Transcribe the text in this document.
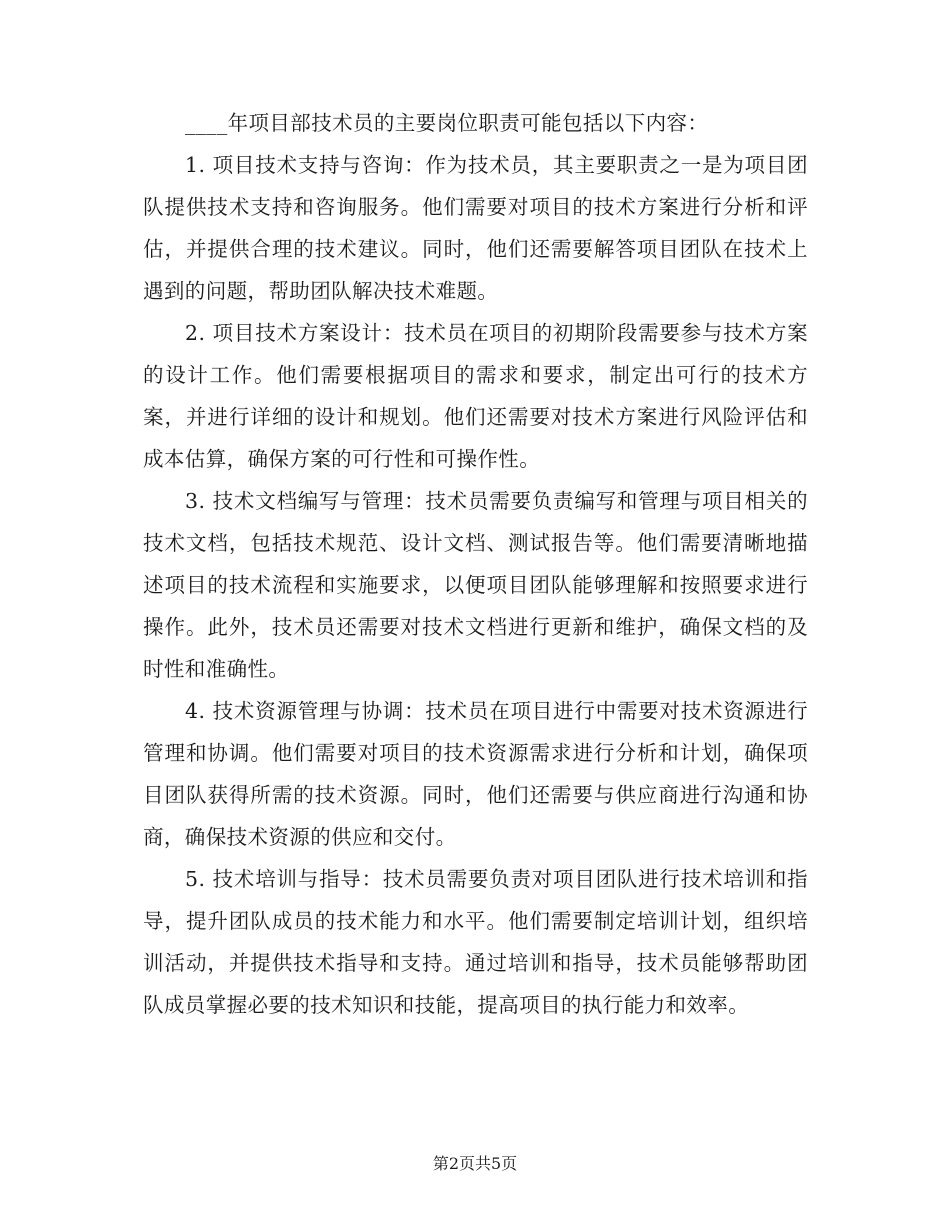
____年项目部技术员的主要岗位职责可能包括以下内容：

1. 项目技术支持与咨询：作为技术员，其主要职责之一是为项目团队提供技术支持和咨询服务。他们需要对项目的技术方案进行分析和评估，并提供合理的技术建议。同时，他们还需要解答项目团队在技术上遇到的问题，帮助团队解决技术难题。

2. 项目技术方案设计：技术员在项目的初期阶段需要参与技术方案的设计工作。他们需要根据项目的需求和要求，制定出可行的技术方案，并进行详细的设计和规划。他们还需要对技术方案进行风险评估和成本估算，确保方案的可行性和可操作性。

3. 技术文档编写与管理：技术员需要负责编写和管理与项目相关的技术文档，包括技术规范、设计文档、测试报告等。他们需要清晰地描述项目的技术流程和实施要求，以便项目团队能够理解和按照要求进行操作。此外，技术员还需要对技术文档进行更新和维护，确保文档的及时性和准确性。

4. 技术资源管理与协调：技术员在项目进行中需要对技术资源进行管理和协调。他们需要对项目的技术资源需求进行分析和计划，确保项目团队获得所需的技术资源。同时，他们还需要与供应商进行沟通和协商，确保技术资源的供应和交付。

5. 技术培训与指导：技术员需要负责对项目团队进行技术培训和指导，提升团队成员的技术能力和水平。他们需要制定培训计划，组织培训活动，并提供技术指导和支持。通过培训和指导，技术员能够帮助团队成员掌握必要的技术知识和技能，提高项目的执行能力和效率。

第2页共5页
